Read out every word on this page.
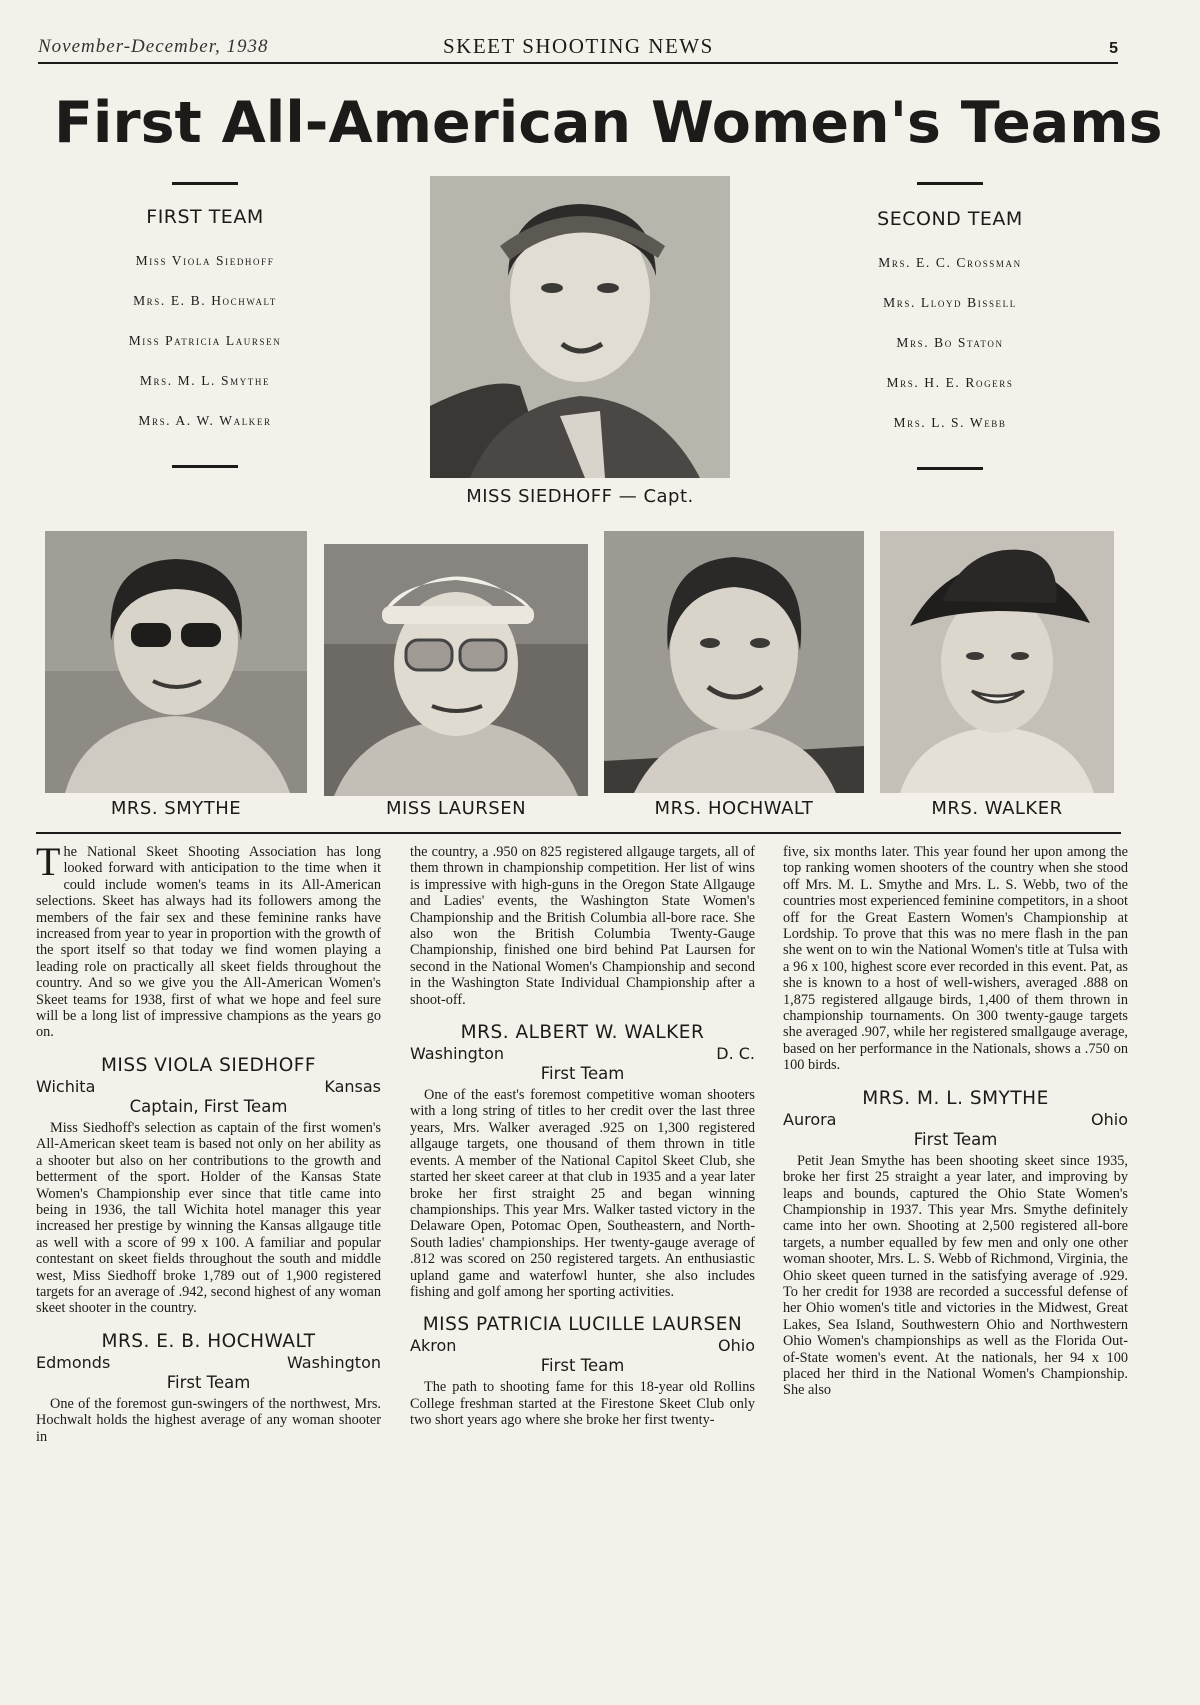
November-December, 1938	SKEET SHOOTING NEWS	5
First All-American Women's Teams
FIRST TEAM
Miss Viola Siedhoff
Mrs. E. B. Hochwalt
Miss Patricia Laursen
Mrs. M. L. Smythe
Mrs. A. W. Walker
SECOND TEAM
Mrs. E. C. Crossman
Mrs. Lloyd Bissell
Mrs. Bo Staton
Mrs. H. E. Rogers
Mrs. L. S. Webb
MISS SIEDHOFF — Capt.
MRS. SMYTHE	MISS LAURSEN	MRS. HOCHWALT	MRS. WALKER

The National Skeet Shooting Association has long looked forward with anticipation to the time when it could include women's teams in its All-American selections. Skeet has always had its followers among the members of the fair sex and these feminine ranks have increased from year to year in proportion with the growth of the sport itself so that today we find women playing a leading role on practically all skeet fields throughout the country. And so we give you the All-American Women's Skeet teams for 1938, first of what we hope and feel sure will be a long list of impressive champions as the years go on.

MISS VIOLA SIEDHOFF
Wichita	Kansas
Captain, First Team

Miss Siedhoff's selection as captain of the first women's All-American skeet team is based not only on her ability as a shooter but also on her contributions to the growth and betterment of the sport. Holder of the Kansas State Women's Championship ever since that title came into being in 1936, the tall Wichita hotel manager this year increased her prestige by winning the Kansas allgauge title as well with a score of 99 x 100. A familiar and popular contestant on skeet fields throughout the south and middle west, Miss Siedhoff broke 1,789 out of 1,900 registered targets for an average of .942, second highest of any woman skeet shooter in the country.

MRS. E. B. HOCHWALT
Edmonds	Washington
First Team

One of the foremost gun-swingers of the northwest, Mrs. Hochwalt holds the highest average of any woman shooter in

the country, a .950 on 825 registered allgauge targets, all of them thrown in championship competition. Her list of wins is impressive with high-guns in the Oregon State Allgauge and Ladies' events, the Washington State Women's Championship and the British Columbia all-bore race. She also won the British Columbia Twenty-Gauge Championship, finished one bird behind Pat Laursen for second in the National Women's Championship and second in the Washington State Individual Championship after a shoot-off.

MRS. ALBERT W. WALKER
Washington	D. C.
First Team

One of the east's foremost competitive woman shooters with a long string of titles to her credit over the last three years, Mrs. Walker averaged .925 on 1,300 registered allgauge targets, one thousand of them thrown in title events. A member of the National Capitol Skeet Club, she started her skeet career at that club in 1935 and a year later broke her first straight 25 and began winning championships. This year Mrs. Walker tasted victory in the Delaware Open, Potomac Open, Southeastern, and North-South ladies' championships. Her twenty-gauge average of .812 was scored on 250 registered targets. An enthusiastic upland game and waterfowl hunter, she also includes fishing and golf among her sporting activities.

MISS PATRICIA LUCILLE LAURSEN
Akron	Ohio
First Team

The path to shooting fame for this 18-year old Rollins College freshman started at the Firestone Skeet Club only two short years ago where she broke her first twenty-

five, six months later. This year found her upon among the top ranking women shooters of the country when she stood off Mrs. M. L. Smythe and Mrs. L. S. Webb, two of the countries most experienced feminine competitors, in a shoot off for the Great Eastern Women's Championship at Lordship. To prove that this was no mere flash in the pan she went on to win the National Women's title at Tulsa with a 96 x 100, highest score ever recorded in this event. Pat, as she is known to a host of well-wishers, averaged .888 on 1,875 registered allgauge birds, 1,400 of them thrown in championship tournaments. On 300 twenty-gauge targets she averaged .907, while her registered smallgauge average, based on her performance in the Nationals, shows a .750 on 100 birds.

MRS. M. L. SMYTHE
Aurora	Ohio
First Team

Petit Jean Smythe has been shooting skeet since 1935, broke her first 25 straight a year later, and improving by leaps and bounds, captured the Ohio State Women's Championship in 1937. This year Mrs. Smythe definitely came into her own. Shooting at 2,500 registered all-bore targets, a number equalled by few men and only one other woman shooter, Mrs. L. S. Webb of Richmond, Virginia, the Ohio skeet queen turned in the satisfying average of .929. To her credit for 1938 are recorded a successful defense of her Ohio women's title and victories in the Midwest, Great Lakes, Sea Island, Southwestern Ohio and Northwestern Ohio Women's championships as well as the Florida Out-of-State women's event. At the nationals, her 94 x 100 placed her third in the National Women's Championship. She also
